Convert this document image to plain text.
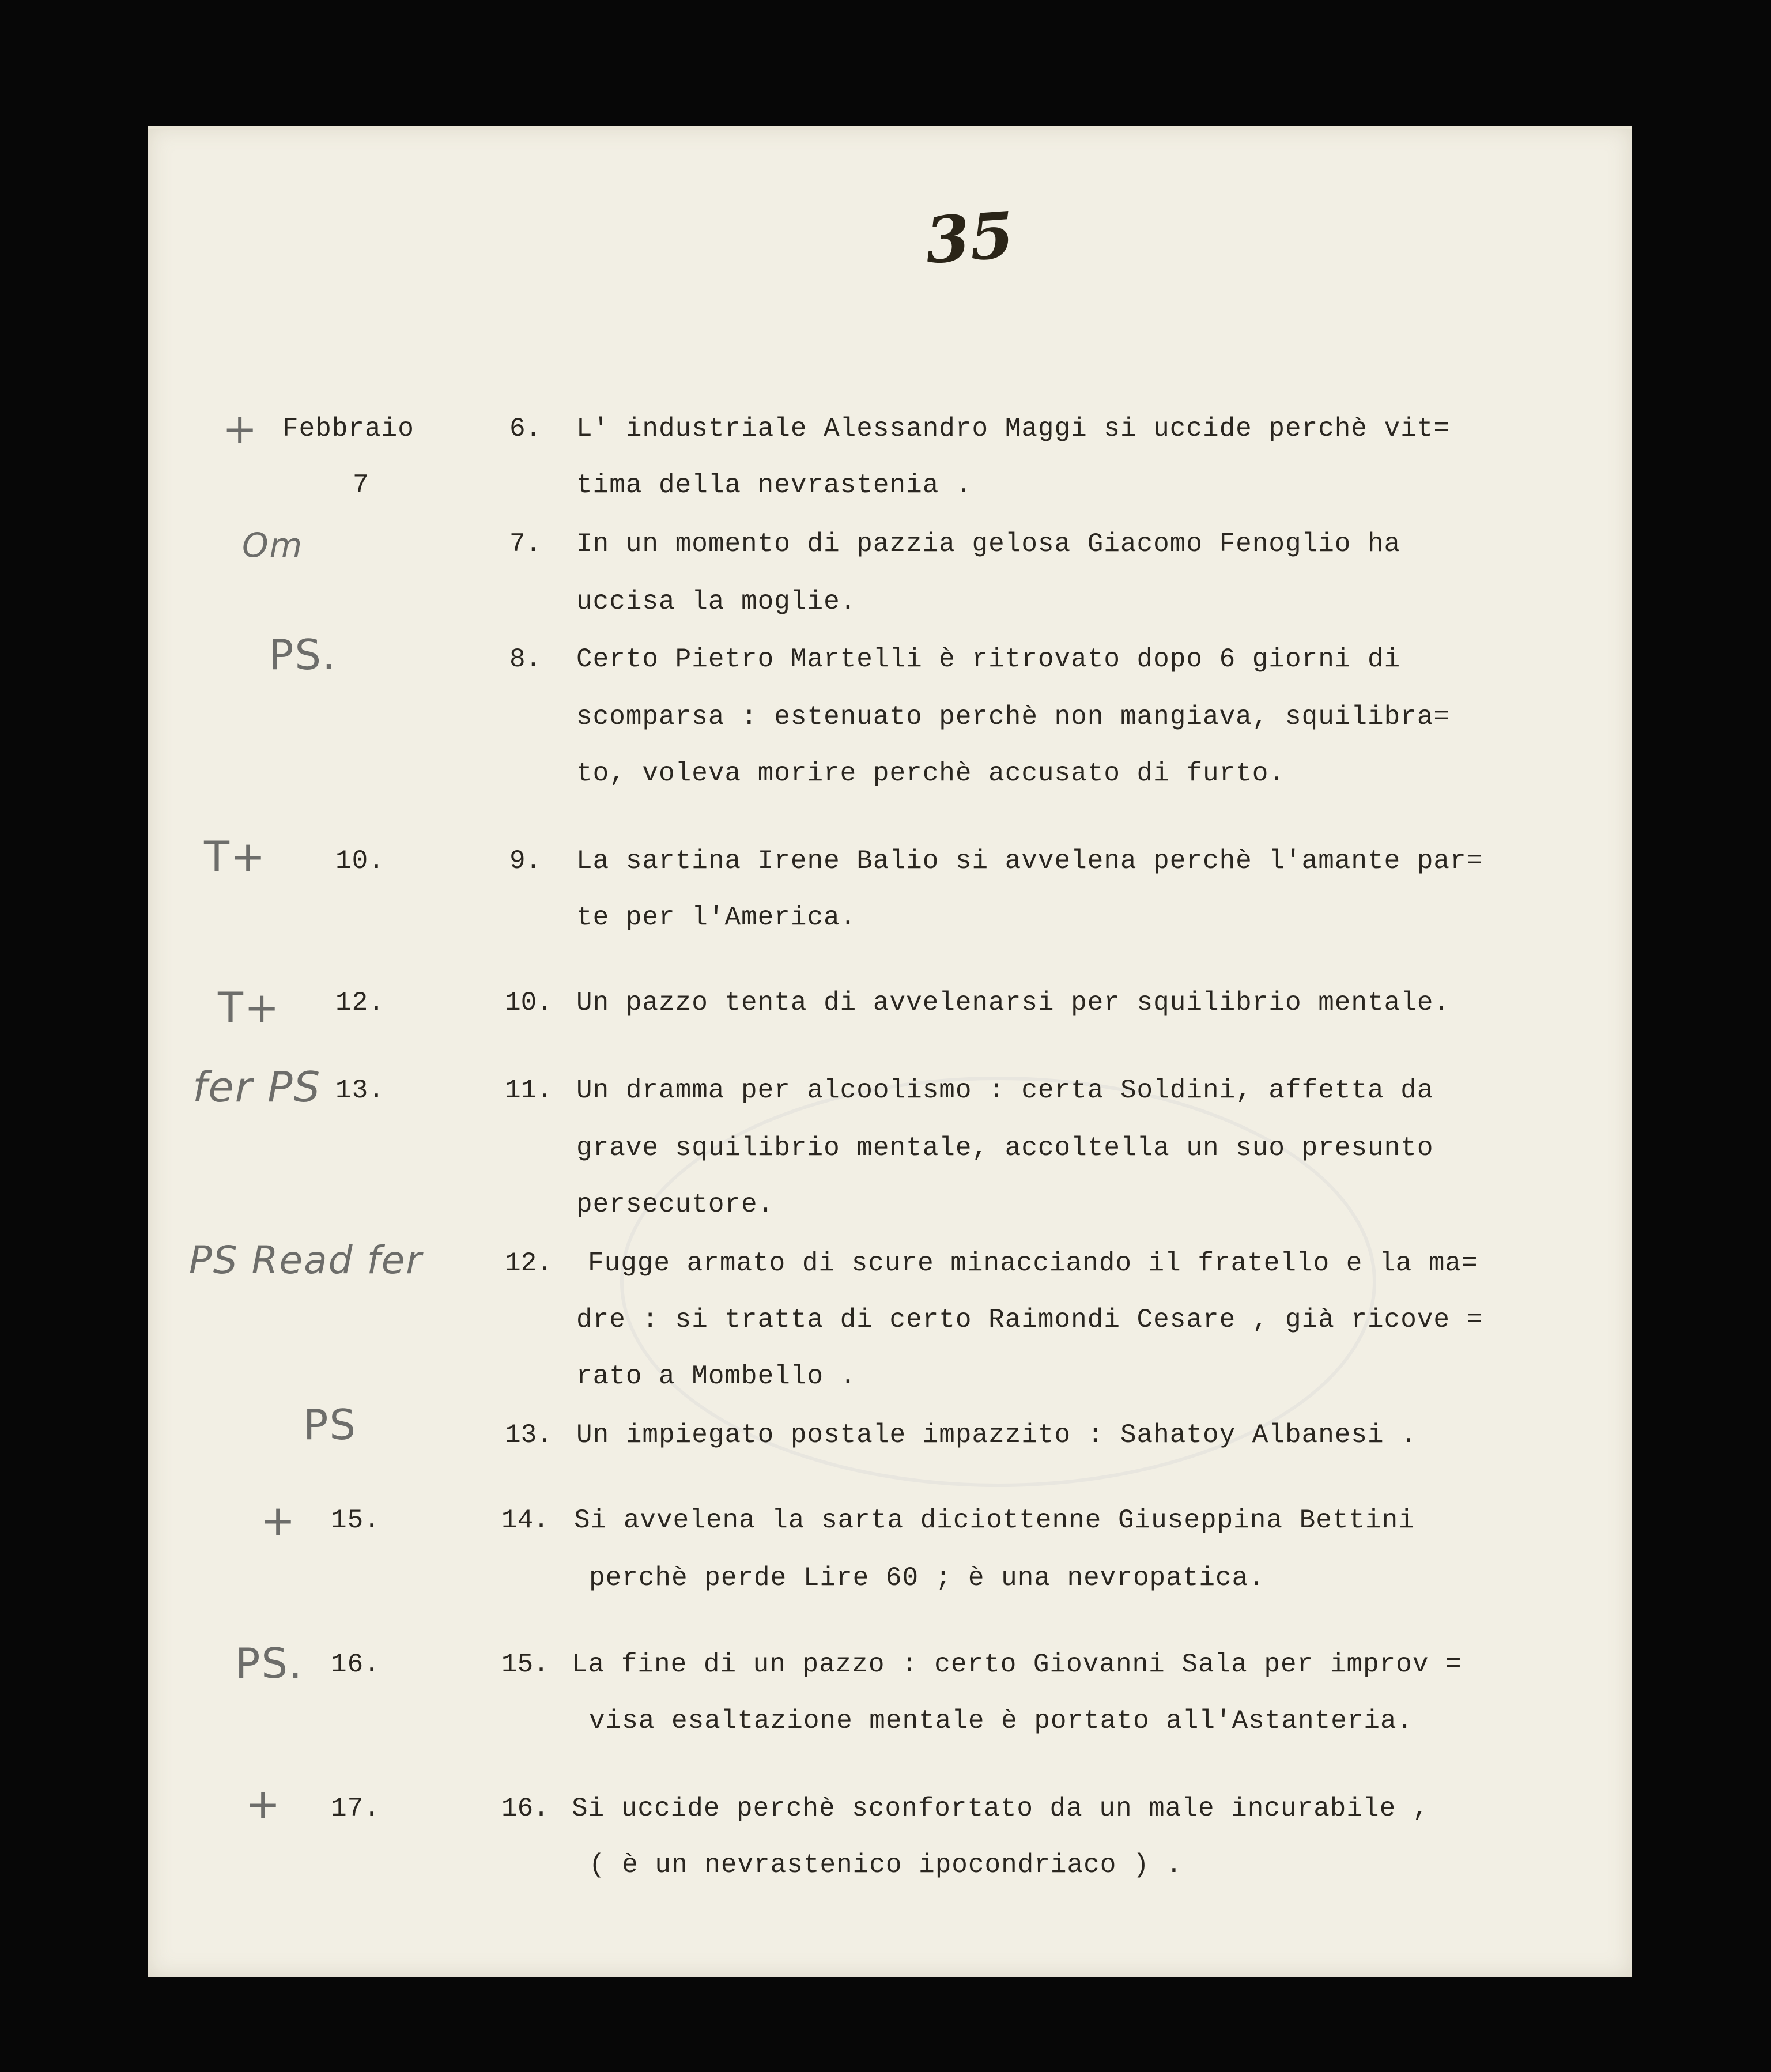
35
+
Om
PS.
T+
T+
fer PS
PS Read fer
PS
+
PS.
+
Febbraio
7
10.
12.
13.
15.
16.
17.
6. L' industriale Alessandro Maggi si uccide perchè vit=
tima della nevrastenia .
7. In un momento di pazzia gelosa Giacomo Fenoglio ha
uccisa la moglie.
8. Certo Pietro Martelli è ritrovato dopo 6 giorni di
scomparsa : estenuato perchè non mangiava, squilibra=
to, voleva morire perchè accusato di furto.
9. La sartina Irene Balio si avvelena perchè l'amante par=
te per l'America.
10. Un pazzo tenta di avvelenarsi per squilibrio mentale.
11. Un dramma per alcoolismo : certa Soldini, affetta da
grave squilibrio mentale, accoltella un suo presunto
persecutore.
12. Fugge armato di scure minacciando il fratello e la ma=
dre : si tratta di certo Raimondi Cesare , già ricove =
rato a Mombello .
13. Un impiegato postale impazzito : Sahatoy Albanesi .
14. Si avvelena la sarta diciottenne Giuseppina Bettini
perchè perde Lire 60 ; è una nevropatica.
15. La fine di un pazzo : certo Giovanni Sala per improv =
visa esaltazione mentale è portato all'Astanteria.
16. Si uccide perchè sconfortato da un male incurabile ,
( è un nevrastenico ipocondriaco ) .
